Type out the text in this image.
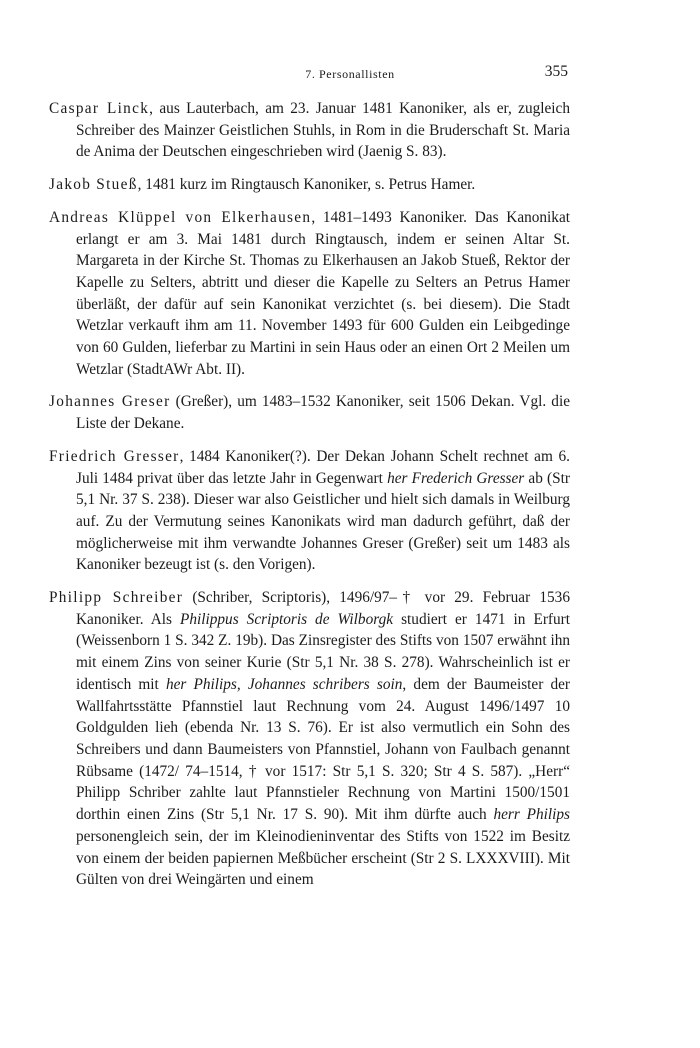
7. Personallisten	355

Caspar Linck, aus Lauterbach, am 23. Januar 1481 Kanoniker, als er, zugleich Schreiber des Mainzer Geistlichen Stuhls, in Rom in die Bruderschaft St. Maria de Anima der Deutschen eingeschrieben wird (Jaenig S. 83).

Jakob Stueß, 1481 kurz im Ringtausch Kanoniker, s. Petrus Hamer.

Andreas Klüppel von Elkerhausen, 1481–1493 Kanoniker. Das Kanonikat erlangt er am 3. Mai 1481 durch Ringtausch, indem er seinen Altar St. Margareta in der Kirche St. Thomas zu Elkerhausen an Jakob Stueß, Rektor der Kapelle zu Selters, abtritt und dieser die Kapelle zu Selters an Petrus Hamer überläßt, der dafür auf sein Kanonikat verzichtet (s. bei diesem). Die Stadt Wetzlar verkauft ihm am 11. November 1493 für 600 Gulden ein Leibgedinge von 60 Gulden, lieferbar zu Martini in sein Haus oder an einen Ort 2 Meilen um Wetzlar (StadtAWr Abt. II).

Johannes Greser (Greßer), um 1483–1532 Kanoniker, seit 1506 Dekan. Vgl. die Liste der Dekane.

Friedrich Gresser, 1484 Kanoniker(?). Der Dekan Johann Schelt rechnet am 6. Juli 1484 privat über das letzte Jahr in Gegenwart her Frederich Gresser ab (Str 5,1 Nr. 37 S. 238). Dieser war also Geistlicher und hielt sich damals in Weilburg auf. Zu der Vermutung seines Kanonikats wird man dadurch geführt, daß der möglicherweise mit ihm verwandte Johannes Greser (Greßer) seit um 1483 als Kanoniker bezeugt ist (s. den Vorigen).

Philipp Schreiber (Schriber, Scriptoris), 1496/97–† vor 29. Februar 1536 Kanoniker. Als Philippus Scriptoris de Wilborgk studiert er 1471 in Erfurt (Weissenborn 1 S. 342 Z. 19b). Das Zinsregister des Stifts von 1507 erwähnt ihn mit einem Zins von seiner Kurie (Str 5,1 Nr. 38 S. 278). Wahrscheinlich ist er identisch mit her Philips, Johannes schribers soin, dem der Baumeister der Wallfahrtsstätte Pfannstiel laut Rechnung vom 24. August 1496/1497 10 Goldgulden lieh (ebenda Nr. 13 S. 76). Er ist also vermutlich ein Sohn des Schreibers und dann Baumeisters von Pfannstiel, Johann von Faulbach genannt Rübsame (1472/ 74–1514, † vor 1517: Str 5,1 S. 320; Str 4 S. 587). „Herr“ Philipp Schriber zahlte laut Pfannstieler Rechnung von Martini 1500/1501 dorthin einen Zins (Str 5,1 Nr. 17 S. 90). Mit ihm dürfte auch herr Philips personengleich sein, der im Kleinodieninventar des Stifts von 1522 im Besitz von einem der beiden papiernen Meßbücher erscheint (Str 2 S. LXXXVIII). Mit Gülten von drei Weingärten und einem
